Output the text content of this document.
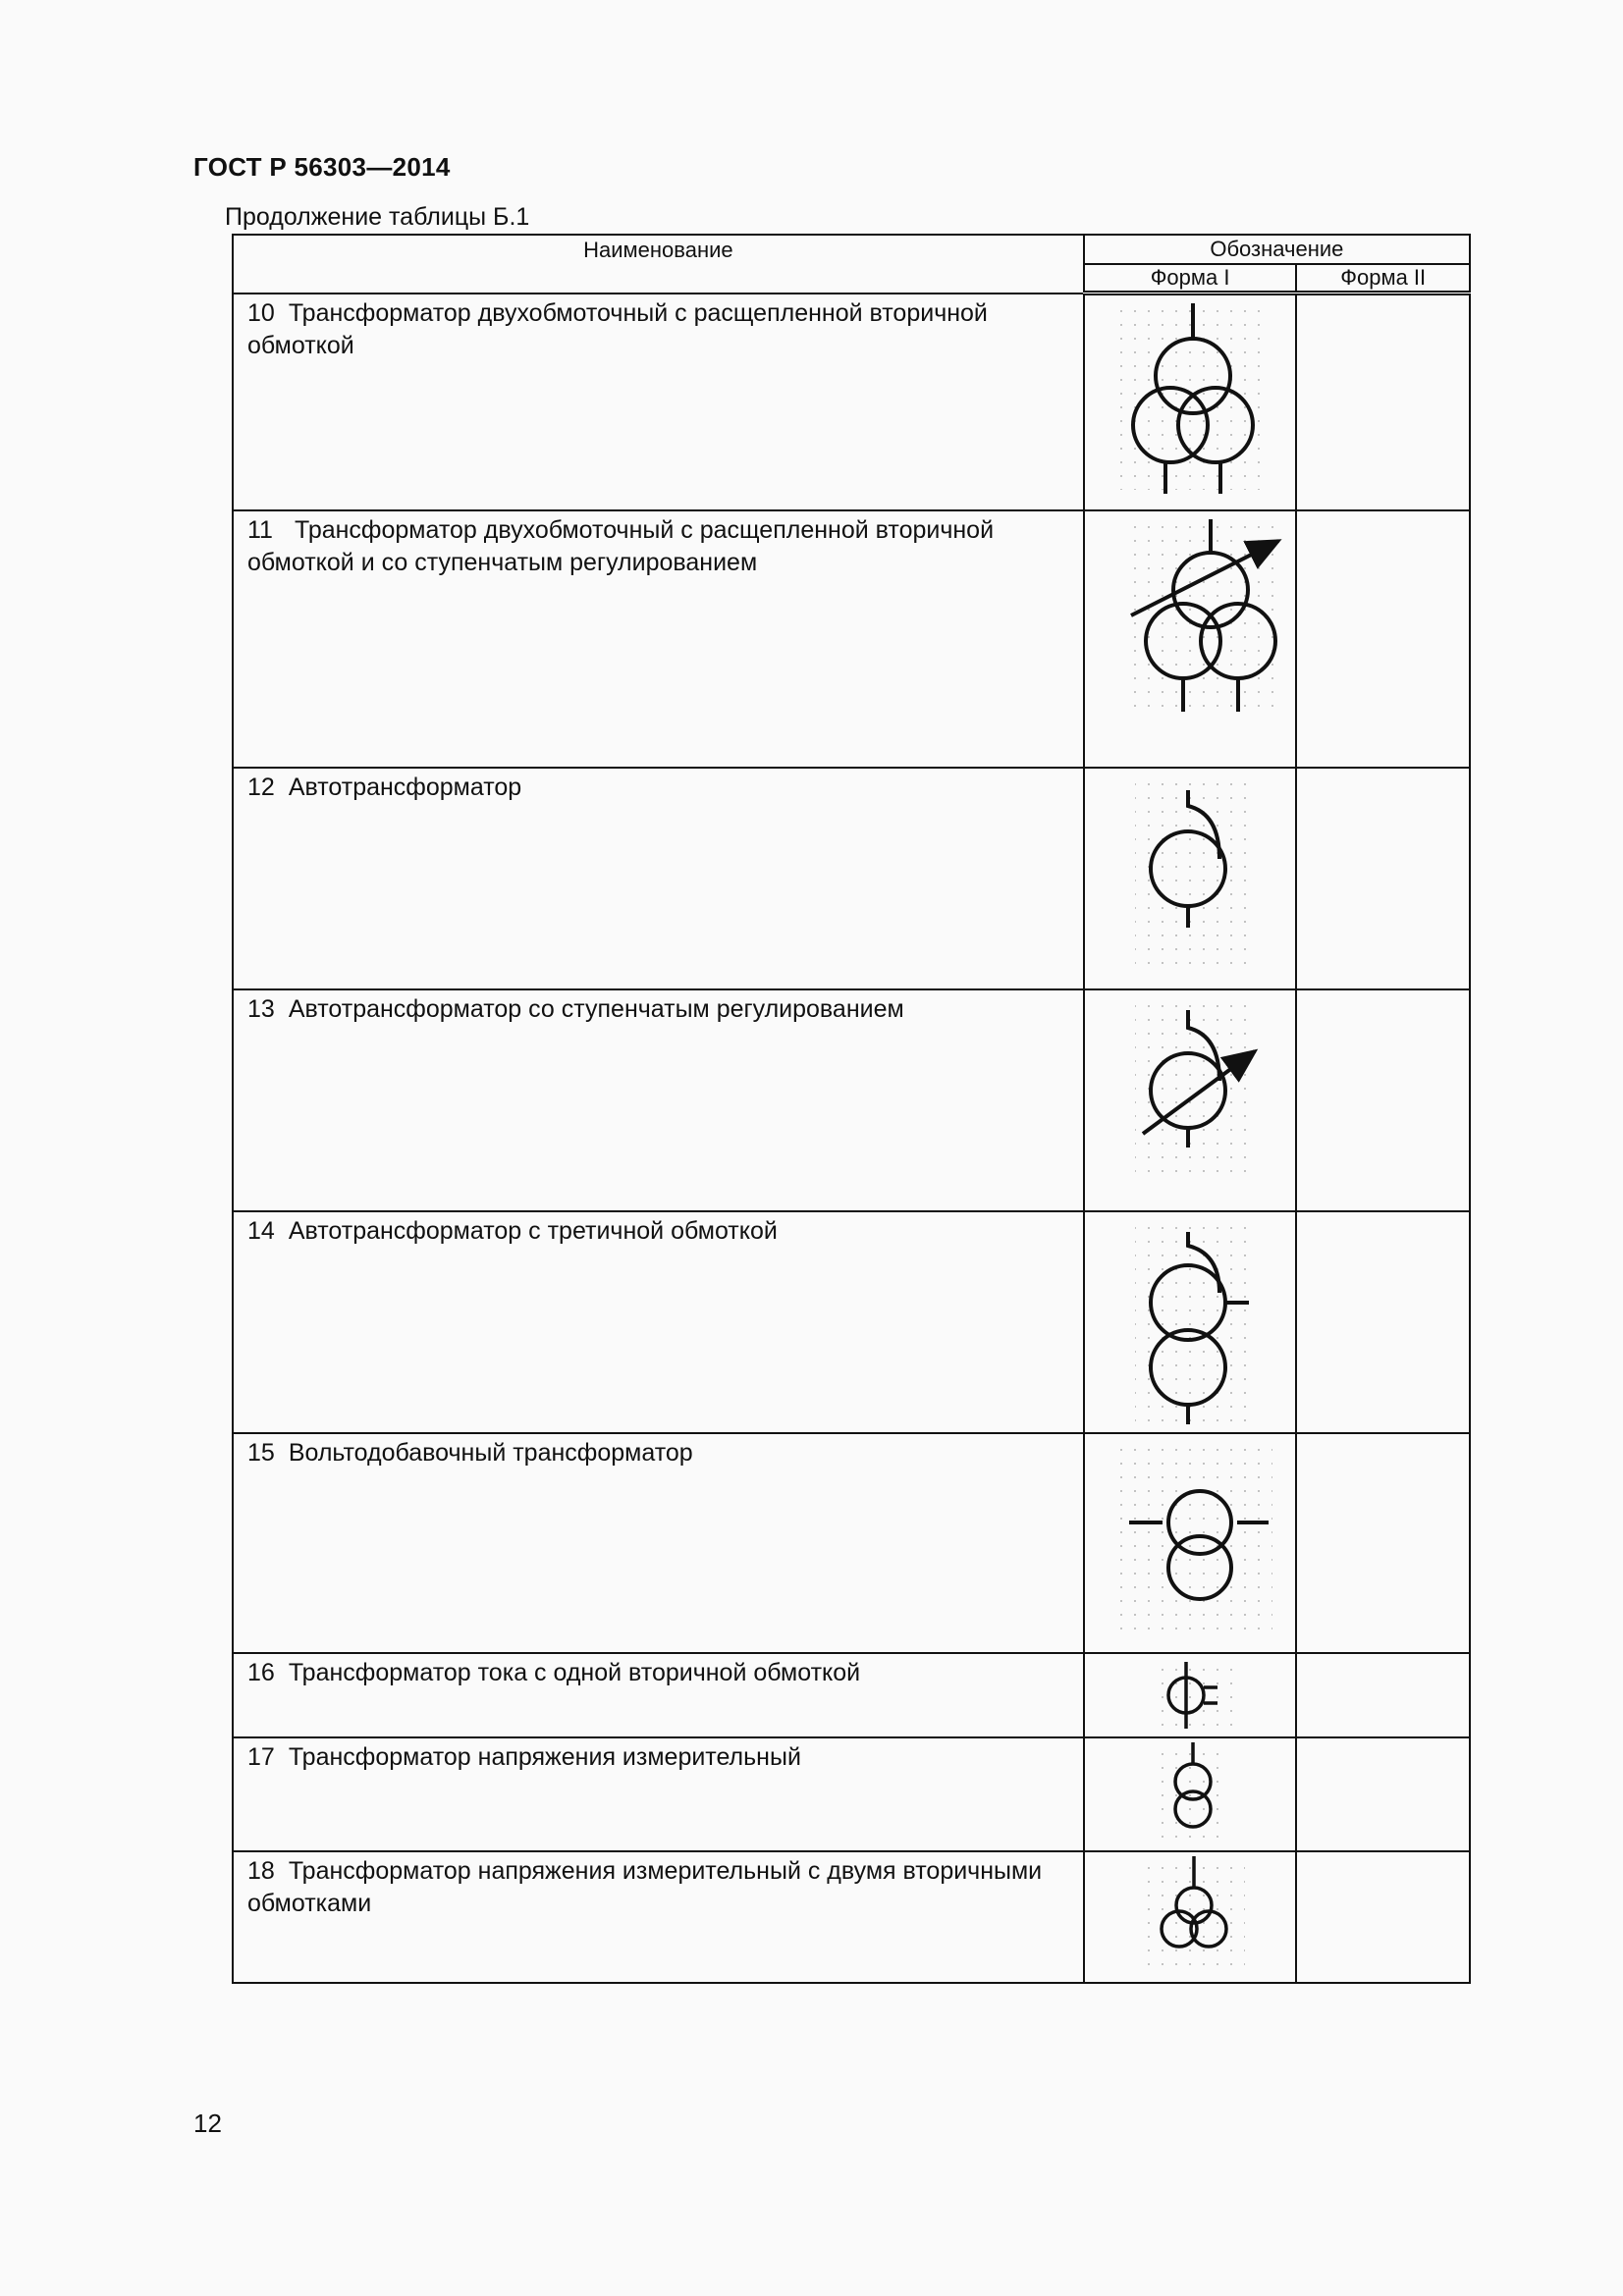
ГОСТ Р 56303—2014
Продолжение таблицы Б.1
Наименование	Обозначение	
	Форма I	Форма II
10 Трансформатор двухобмоточный с расщепленной вторичной обмоткой	

11 Трансформатор двухобмоточный с расщепленной вторичной обмоткой и со ступенчатым регулированием	

12 Автотрансформатор	

13 Автотрансформатор со ступенчатым регулированием	

14 Автотрансформатор с третичной обмоткой	

15 Вольтодобавочный трансформатор	

16 Трансформатор тока с одной вторичной обмоткой	

17 Трансформатор напряжения измерительный	

18 Трансформатор напряжения измерительный с двумя вторичными обмотками	

12
